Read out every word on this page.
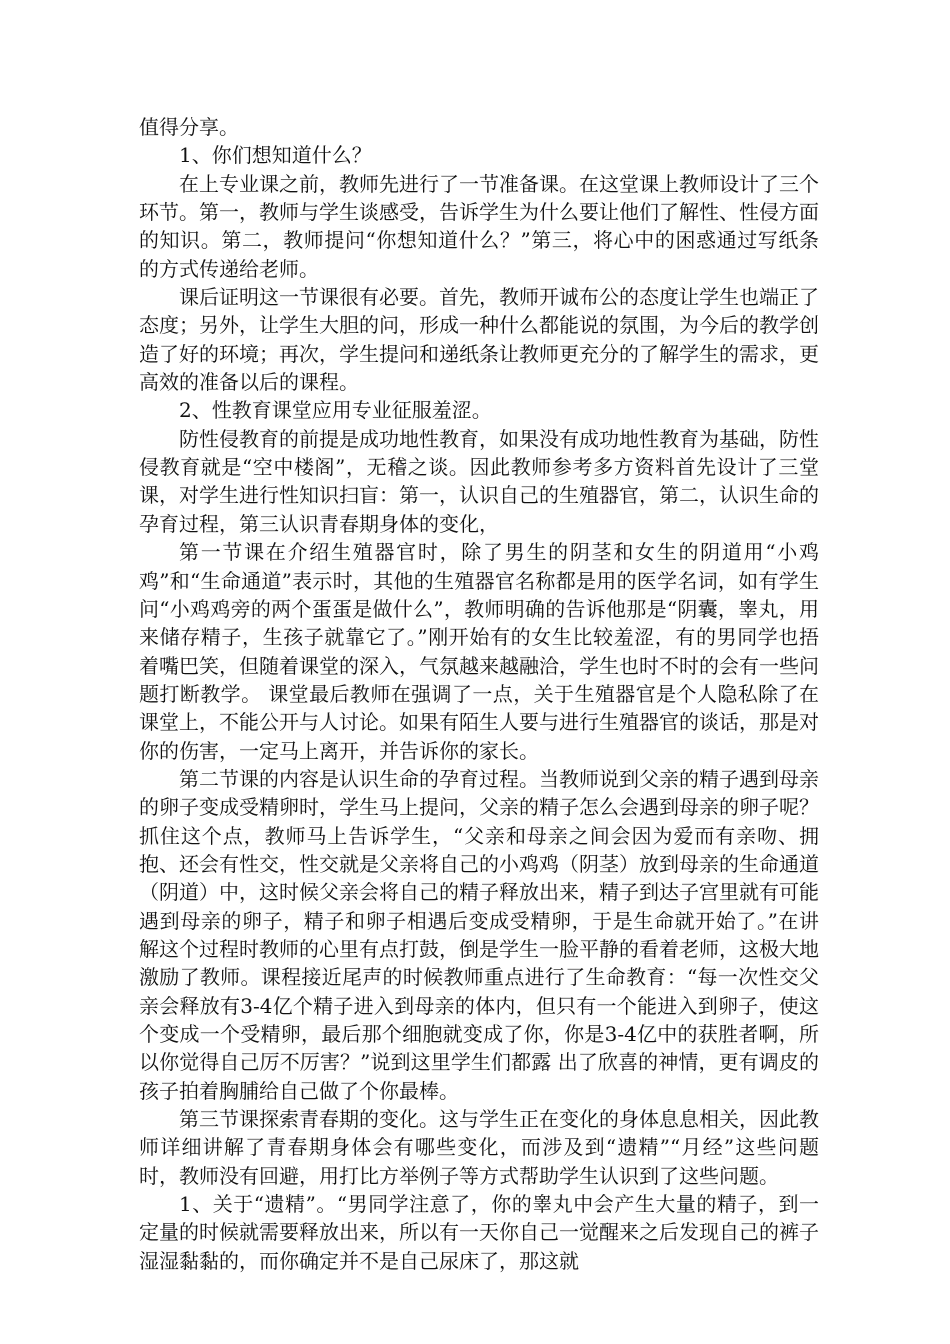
值得分享。

1、你们想知道什么？

在上专业课之前，教师先进行了一节准备课。在这堂课上教师设计了三个环节。第一，教师与学生谈感受，告诉学生为什么要让他们了解性、性侵方面的知识。第二，教师提问“你想知道什么？”第三，将心中的困惑通过写纸条的方式传递给老师。

课后证明这一节课很有必要。首先，教师开诚布公的态度让学生也端正了态度；另外，让学生大胆的问，形成一种什么都能说的氛围，为今后的教学创造了好的环境；再次，学生提问和递纸条让教师更充分的了解学生的需求，更高效的准备以后的课程。

2、性教育课堂应用专业征服羞涩。

防性侵教育的前提是成功地性教育，如果没有成功地性教育为基础，防性侵教育就是“空中楼阁”，无稽之谈。因此教师参考多方资料首先设计了三堂课，对学生进行性知识扫盲：第一，认识自己的生殖器官，第二，认识生命的孕育过程，第三认识青春期身体的变化，

第一节课在介绍生殖器官时，除了男生的阴茎和女生的阴道用“小鸡鸡”和“生命通道”表示时，其他的生殖器官名称都是用的医学名词，如有学生问“小鸡鸡旁的两个蛋蛋是做什么”，教师明确的告诉他那是“阴囊，睾丸，用来储存精子，生孩子就靠它了。”刚开始有的女生比较羞涩，有的男同学也捂着嘴巴笑，但随着课堂的深入，气氛越来越融洽，学生也时不时的会有一些问题打断教学。 课堂最后教师在强调了一点，关于生殖器官是个人隐私除了在课堂上，不能公开与人讨论。如果有陌生人要与进行生殖器官的谈话，那是对你的伤害，一定马上离开，并告诉你的家长。

第二节课的内容是认识生命的孕育过程。当教师说到父亲的精子遇到母亲的卵子变成受精卵时，学生马上提问，父亲的精子怎么会遇到母亲的卵子呢？抓住这个点，教师马上告诉学生，“父亲和母亲之间会因为爱而有亲吻、拥抱、还会有性交，性交就是父亲将自己的小鸡鸡（阴茎）放到母亲的生命通道（阴道）中，这时候父亲会将自己的精子释放出来，精子到达子宫里就有可能遇到母亲的卵子，精子和卵子相遇后变成受精卵，于是生命就开始了。”在讲解这个过程时教师的心里有点打鼓，倒是学生一脸平静的看着老师，这极大地激励了教师。课程接近尾声的时候教师重点进行了生命教育：“每一次性交父亲会释放有3-4亿个精子进入到母亲的体内，但只有一个能进入到卵子，使这个变成一个受精卵，最后那个细胞就变成了你，你是3-4亿中的获胜者啊，所以你觉得自己厉不厉害？”说到这里学生们都露 出了欣喜的神情，更有调皮的孩子拍着胸脯给自己做了个你最棒。

第三节课探索青春期的变化。这与学生正在变化的身体息息相关，因此教师详细讲解了青春期身体会有哪些变化，而涉及到“遗精”“月经”这些问题时，教师没有回避，用打比方举例子等方式帮助学生认识到了这些问题。

1、关于“遗精”。“男同学注意了，你的睾丸中会产生大量的精子，到一定量的时候就需要释放出来，所以有一天你自己一觉醒来之后发现自己的裤子湿湿黏黏的，而你确定并不是自己尿床了，那这就
